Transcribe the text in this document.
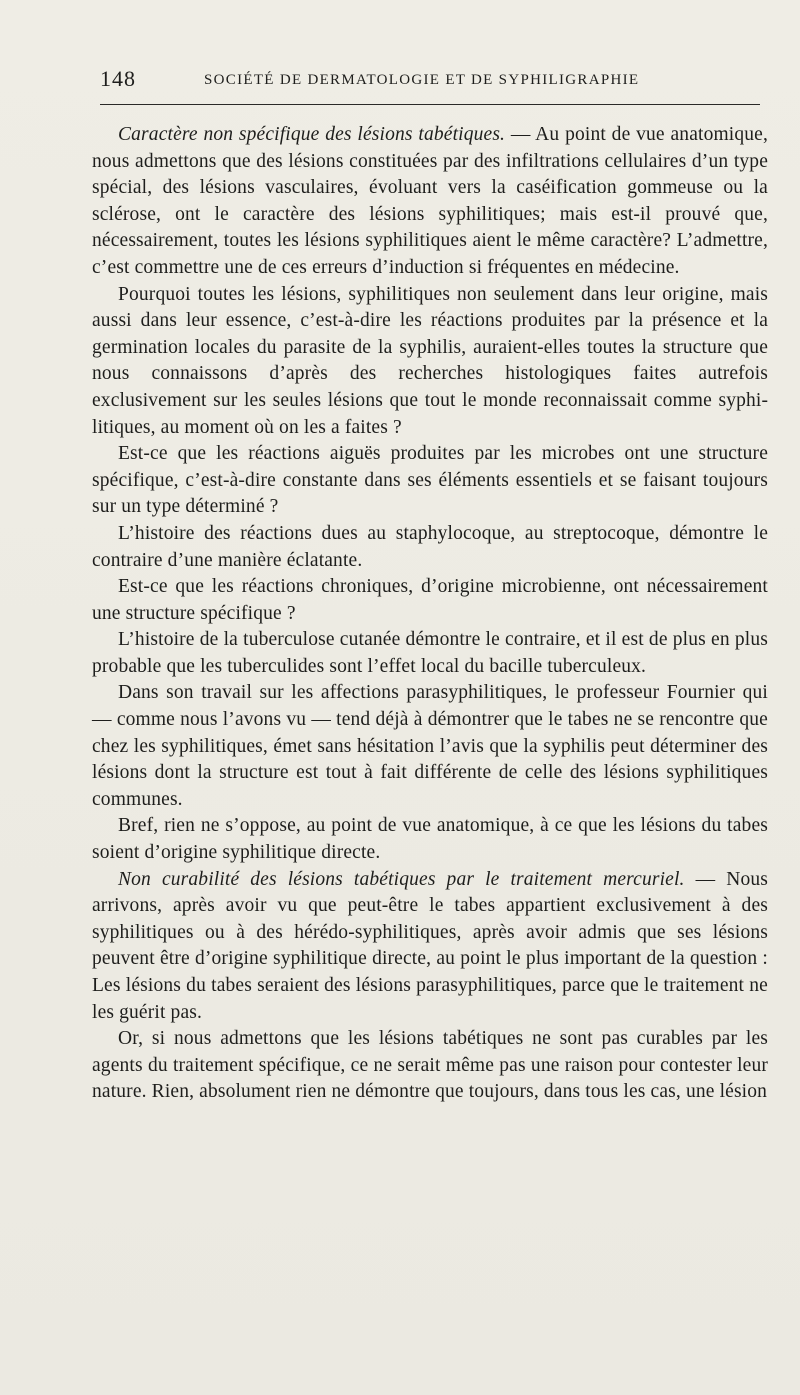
148	SOCIÉTÉ DE DERMATOLOGIE ET DE SYPHILIGRAPHIE

Caractère non spécifique des lésions tabétiques. — Au point de vue anatomique, nous admettons que des lésions constituées par des infiltrations cellulaires d’un type spécial, des lésions vasculaires, évoluant vers la caséification gommeuse ou la sclérose, ont le caractère des lésions syphilitiques; mais est-il prouvé que, nécessairement, toutes les lésions syphilitiques aient le même caractère? L’admettre, c’est commettre une de ces erreurs d’induction si fréquentes en médecine.

Pourquoi toutes les lésions, syphilitiques non seulement dans leur origine, mais aussi dans leur essence, c’est-à-dire les réactions produites par la présence et la germination locales du parasite de la syphilis, auraient-elles toutes la structure que nous connaissons d’après des recherches histologiques faites autrefois exclusivement sur les seules lésions que tout le monde reconnaissait comme syphilitiques, au moment où on les a faites ?

Est-ce que les réactions aiguës produites par les microbes ont une structure spécifique, c’est-à-dire constante dans ses éléments essentiels et se faisant toujours sur un type déterminé ?

L’histoire des réactions dues au staphylocoque, au streptocoque, démontre le contraire d’une manière éclatante.

Est-ce que les réactions chroniques, d’origine microbienne, ont nécessairement une structure spécifique ?

L’histoire de la tuberculose cutanée démontre le contraire, et il est de plus en plus probable que les tuberculides sont l’effet local du bacille tuberculeux.

Dans son travail sur les affections parasyphilitiques, le professeur Fournier qui — comme nous l’avons vu — tend déjà à démontrer que le tabes ne se rencontre que chez les syphilitiques, émet sans hésitation l’avis que la syphilis peut déterminer des lésions dont la structure est tout à fait différente de celle des lésions syphilitiques communes.

Bref, rien ne s’oppose, au point de vue anatomique, à ce que les lésions du tabes soient d’origine syphilitique directe.

Non curabilité des lésions tabétiques par le traitement mercuriel. — Nous arrivons, après avoir vu que peut-être le tabes appartient exclusivement à des syphilitiques ou à des hérédo-syphilitiques, après avoir admis que ses lésions peuvent être d’origine syphilitique directe, au point le plus important de la question : Les lésions du tabes seraient des lésions parasyphilitiques, parce que le traitement ne les guérit pas.

Or, si nous admettons que les lésions tabétiques ne sont pas curables par les agents du traitement spécifique, ce ne serait même pas une raison pour contester leur nature. Rien, absolument rien ne démontre que toujours, dans tous les cas, une lésion
